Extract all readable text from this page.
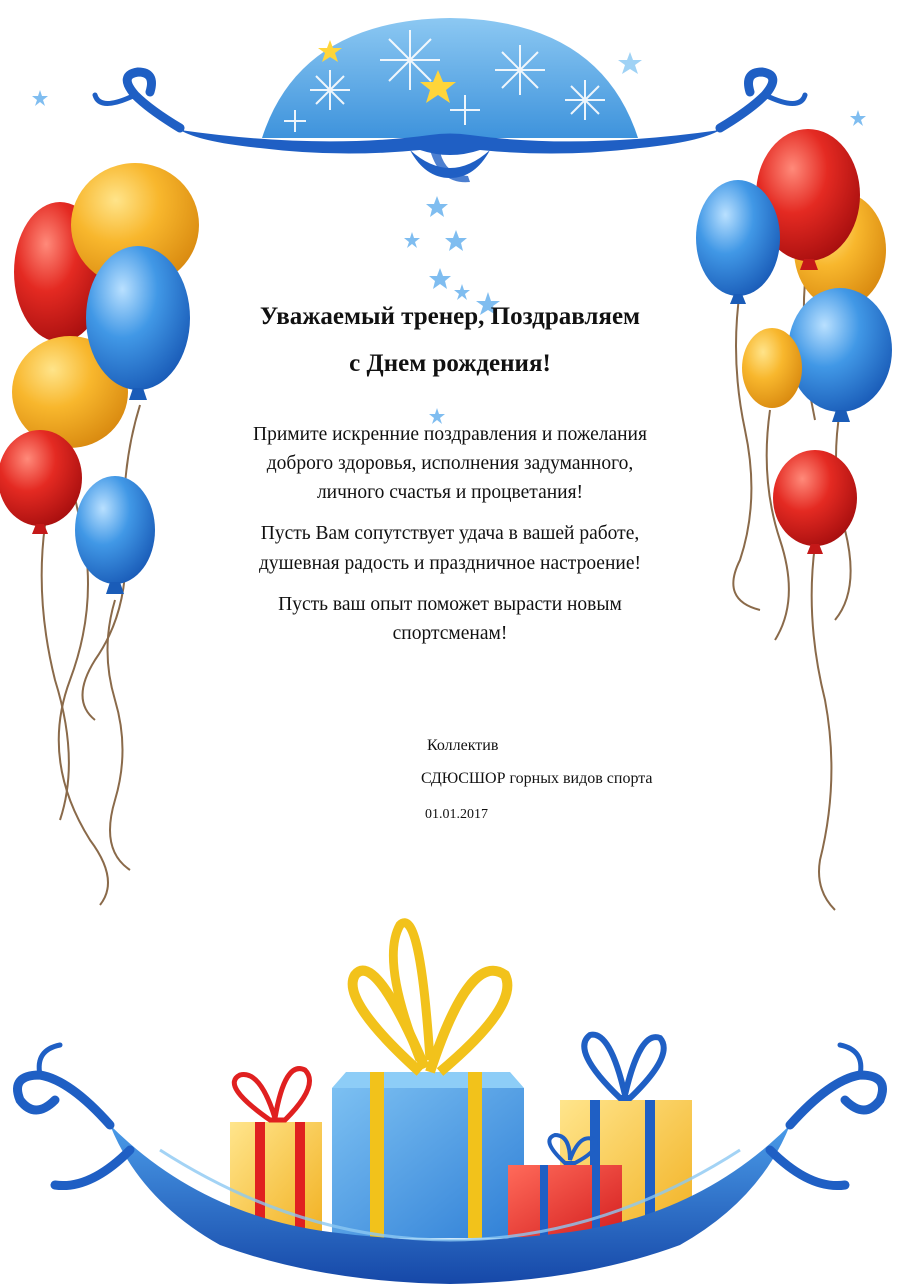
Уважаемый тренер, Поздравляем
с Днем рождения!
Примите искренние поздравления и пожелания
доброго здоровья, исполнения задуманного,
личного счастья и процветания!
Пусть Вам сопутствует удача в вашей работе,
душевная радость и праздничное настроение!
Пусть ваш опыт поможет вырасти новым
спортсменам!
Коллектив
СДЮСШОР горных видов спорта
01.01.2017
